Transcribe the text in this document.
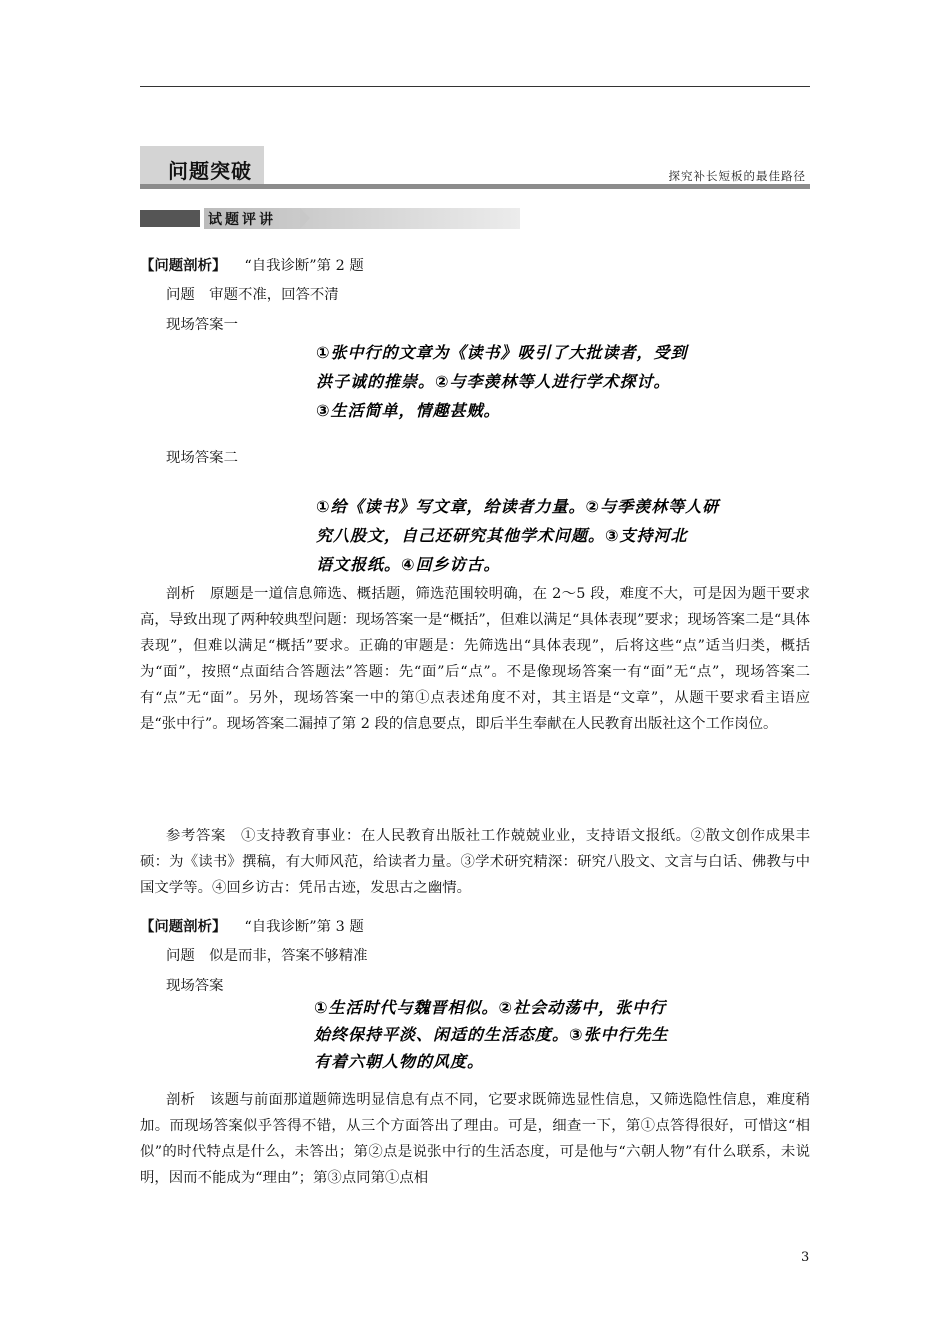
问题突破	探究补长短板的最佳路径
试题评讲
【问题剖析】 “自我诊断”第 2 题
问题　审题不准，回答不清
现场答案一
①张中行的文章为《读书》吸引了大批读者，受到
洪子诚的推崇。②与李羡林等人进行学术探讨。
③生活简单，情趣甚贼。
现场答案二
①给《读书》写文章，给读者力量。②与季羡林等人研
究八股文，自己还研究其他学术问题。③支持河北
语文报纸。④回乡访古。

剖析　原题是一道信息筛选、概括题，筛选范围较明确，在 2～5 段，难度不大，可是因为题干要求高，导致出现了两种较典型问题：现场答案一是“概括”，但难以满足“具体表现”要求；现场答案二是“具体表现”，但难以满足“概括”要求。正确的审题是：先筛选出“具体表现”，后将这些“点”适当归类，概括为“面”，按照“点面结合答题法”答题：先“面”后“点”。不是像现场答案一有“面”无“点”，现场答案二有“点”无“面”。另外，现场答案一中的第①点表述角度不对，其主语是“文章”，从题干要求看主语应是“张中行”。现场答案二漏掉了第 2 段的信息要点，即后半生奉献在人民教育出版社这个工作岗位。

参考答案　①支持教育事业：在人民教育出版社工作兢兢业业，支持语文报纸。②散文创作成果丰硕：为《读书》撰稿，有大师风范，给读者力量。③学术研究精深：研究八股文、文言与白话、佛教与中国文学等。④回乡访古：凭吊古迹，发思古之幽情。

【问题剖析】 “自我诊断”第 3 题
问题　似是而非，答案不够精准
现场答案
①生活时代与魏晋相似。②社会动荡中，张中行
始终保持平淡、闲适的生活态度。③张中行先生
有着六朝人物的风度。

剖析　该题与前面那道题筛选明显信息有点不同，它要求既筛选显性信息，又筛选隐性信息，难度稍加。而现场答案似乎答得不错，从三个方面答出了理由。可是，细查一下，第①点答得很好，可惜这“相似”的时代特点是什么，未答出；第②点是说张中行的生活态度，可是他与“六朝人物”有什么联系，未说明，因而不能成为“理由”；第③点同第①点相

3
